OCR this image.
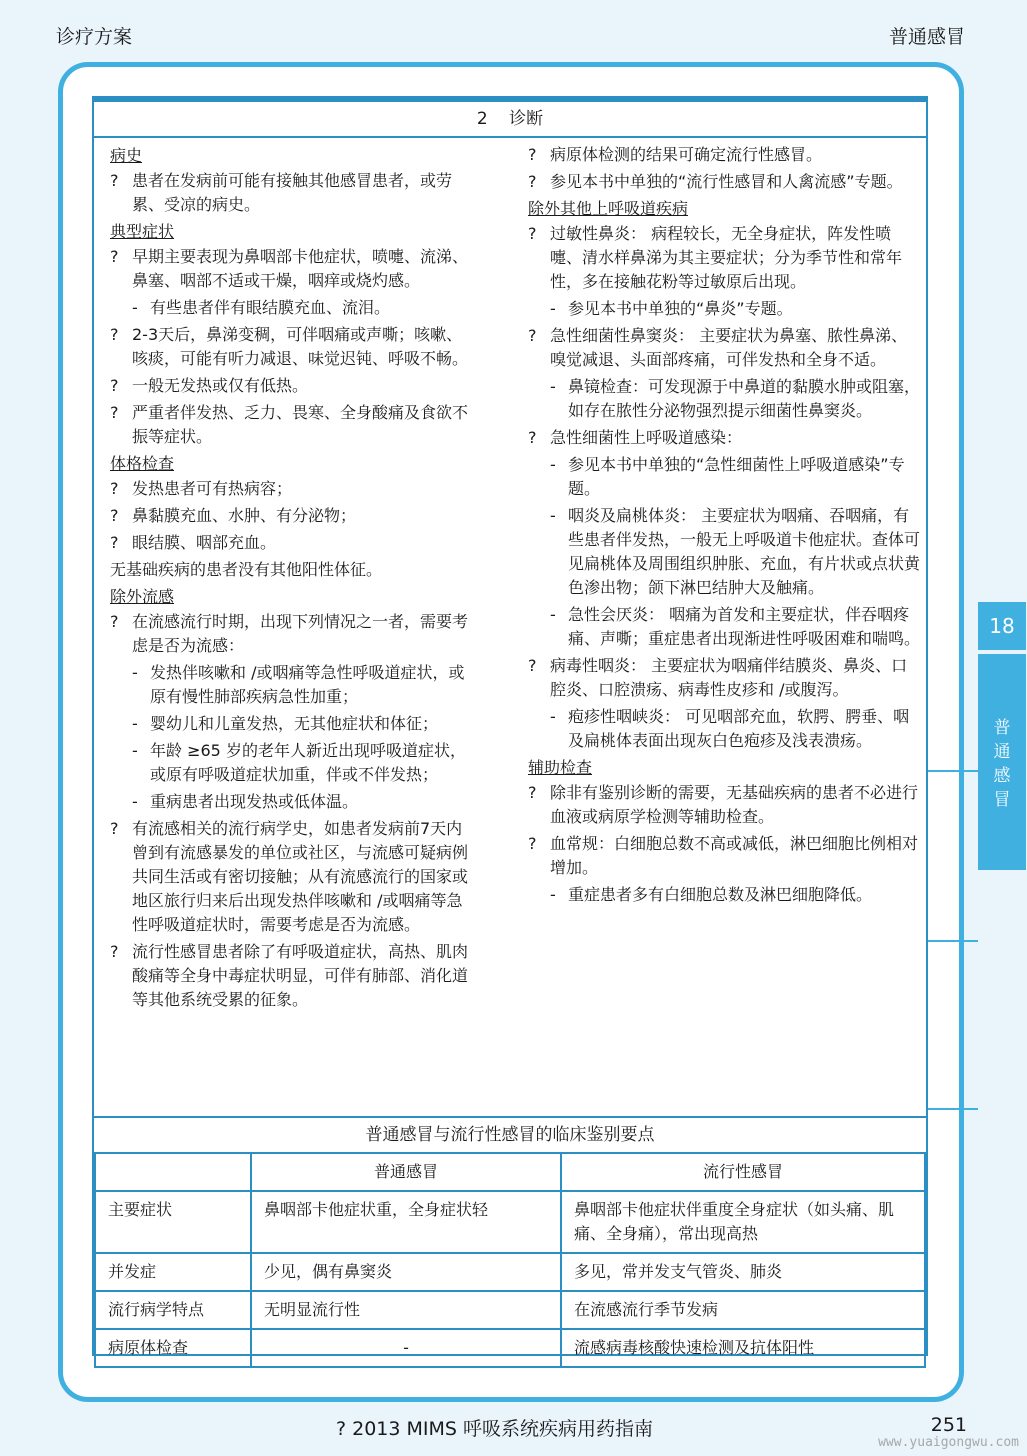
诊疗方案	普通感冒
2 诊断
病史
? 患者在发病前可能有接触其他感冒患者，或劳累、受凉的病史。
典型症状
? 早期主要表现为鼻咽部卡他症状，喷嚏、流涕、鼻塞、咽部不适或干燥，咽痒或烧灼感。
- 有些患者伴有眼结膜充血、流泪。
? 2-3天后，鼻涕变稠，可伴咽痛或声嘶；咳嗽、咳痰，可能有听力减退、味觉迟钝、呼吸不畅。
? 一般无发热或仅有低热。
? 严重者伴发热、乏力、畏寒、全身酸痛及食欲不振等症状。
体格检查
? 发热患者可有热病容；
? 鼻黏膜充血、水肿、有分泌物；
? 眼结膜、咽部充血。
无基础疾病的患者没有其他阳性体征。
除外流感
? 在流感流行时期，出现下列情况之一者，需要考虑是否为流感：
- 发热伴咳嗽和 /或咽痛等急性呼吸道症状，或原有慢性肺部疾病急性加重；
- 婴幼儿和儿童发热，无其他症状和体征；
- 年龄 ≥65 岁的老年人新近出现呼吸道症状，或原有呼吸道症状加重，伴或不伴发热；
- 重病患者出现发热或低体温。
? 有流感相关的流行病学史，如患者发病前7天内曾到有流感暴发的单位或社区，与流感可疑病例共同生活或有密切接触；从有流感流行的国家或地区旅行归来后出现发热伴咳嗽和 /或咽痛等急性呼吸道症状时，需要考虑是否为流感。
? 流行性感冒患者除了有呼吸道症状，高热、肌肉酸痛等全身中毒症状明显，可伴有肺部、消化道等其他系统受累的征象。
? 病原体检测的结果可确定流行性感冒。
? 参见本书中单独的“流行性感冒和人禽流感”专题。
除外其他上呼吸道疾病
? 过敏性鼻炎： 病程较长，无全身症状，阵发性喷嚏、清水样鼻涕为其主要症状；分为季节性和常年性，多在接触花粉等过敏原后出现。
- 参见本书中单独的“鼻炎”专题。
? 急性细菌性鼻窦炎： 主要症状为鼻塞、脓性鼻涕、嗅觉减退、头面部疼痛，可伴发热和全身不适。
- 鼻镜检查：可发现源于中鼻道的黏膜水肿或阻塞，如存在脓性分泌物强烈提示细菌性鼻窦炎。
? 急性细菌性上呼吸道感染：
- 参见本书中单独的“急性细菌性上呼吸道感染”专题。
- 咽炎及扁桃体炎： 主要症状为咽痛、吞咽痛，有些患者伴发热，一般无上呼吸道卡他症状。查体可见扁桃体及周围组织肿胀、充血，有片状或点状黄色渗出物；颌下淋巴结肿大及触痛。
- 急性会厌炎： 咽痛为首发和主要症状，伴吞咽疼痛、声嘶；重症患者出现渐进性呼吸困难和喘鸣。
? 病毒性咽炎： 主要症状为咽痛伴结膜炎、鼻炎、口腔炎、口腔溃疡、病毒性皮疹和 /或腹泻。
- 疱疹性咽峡炎： 可见咽部充血，软腭、腭垂、咽及扁桃体表面出现灰白色疱疹及浅表溃疡。
辅助检查
? 除非有鉴别诊断的需要，无基础疾病的患者不必进行血液或病原学检测等辅助检查。
? 血常规：白细胞总数不高或减低，淋巴细胞比例相对增加。
- 重症患者多有白细胞总数及淋巴细胞降低。
普通感冒与流行性感冒的临床鉴别要点
	普通感冒	流行性感冒
主要症状	鼻咽部卡他症状重，全身症状轻	鼻咽部卡他症状伴重度全身症状（如头痛、肌痛、全身痛），常出现高热
并发症	少见，偶有鼻窦炎	多见，常并发支气管炎、肺炎
流行病学特点	无明显流行性	在流感流行季节发病
病原体检查	-	流感病毒核酸快速检测及抗体阳性
18
普
通
感
冒
? 2013 MIMS 呼吸系统疾病用药指南	251
www.yuaigongwu.com
